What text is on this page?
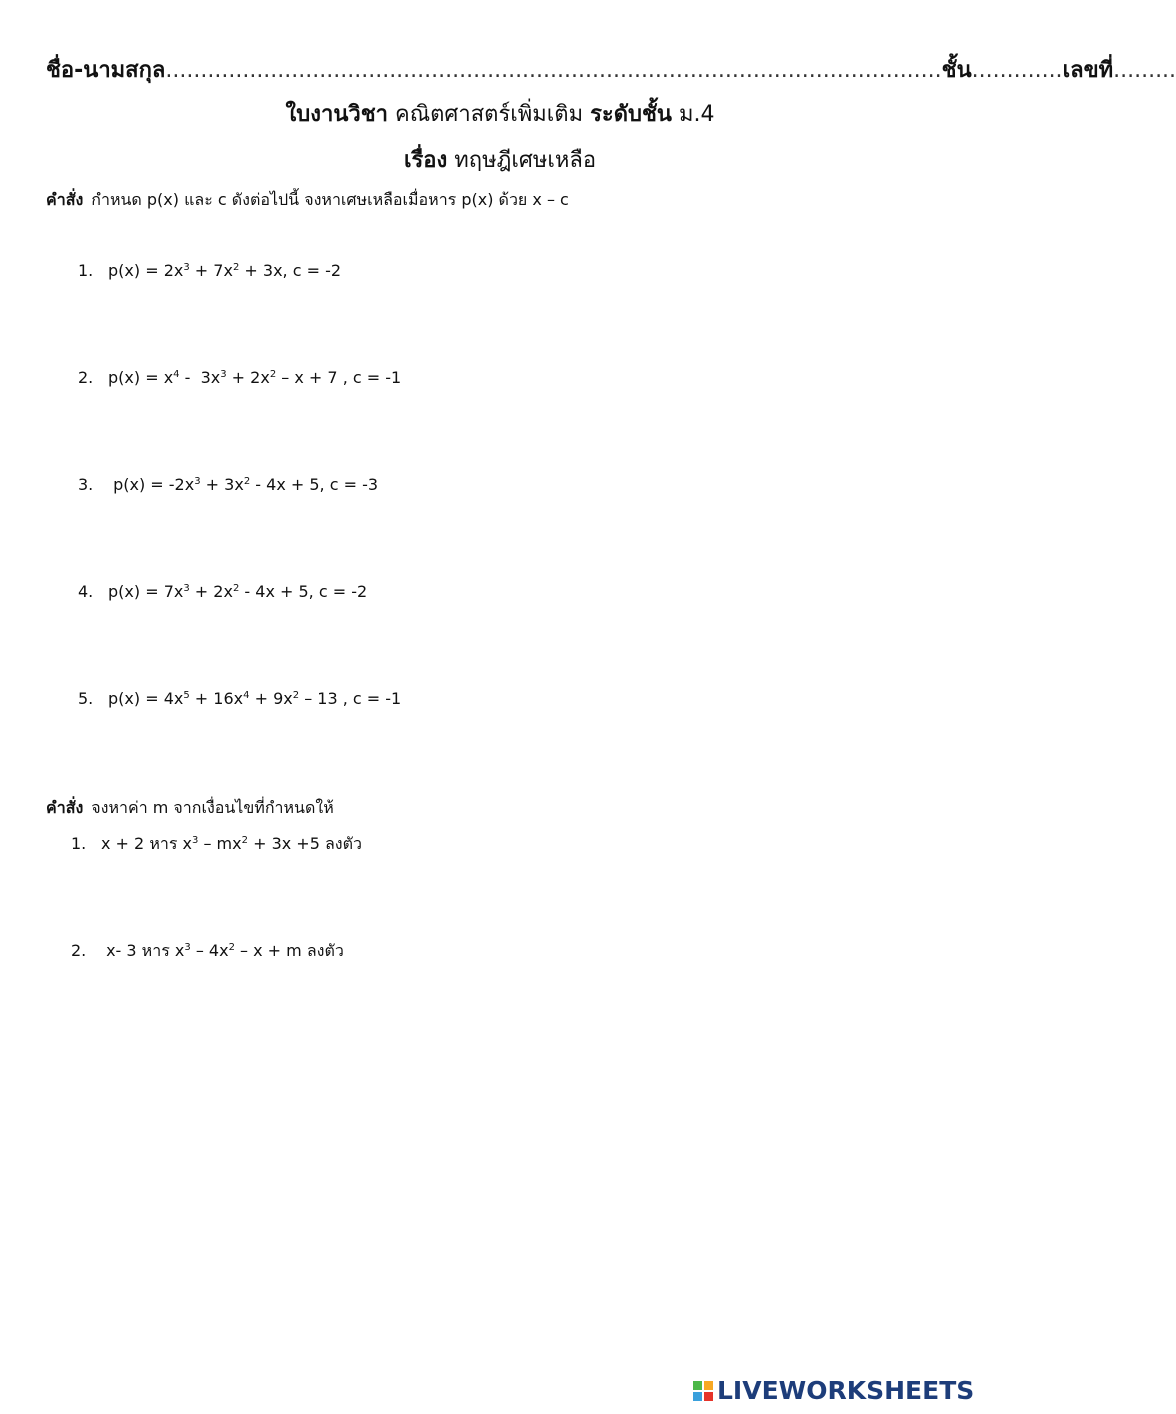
ชื่อ-นามสกุล...............................................................................................................ชั้น.............เลขที่.........
ใบงานวิชา คณิตศาสตร์เพิ่มเติม ระดับชั้น ม.4
เรื่อง ทฤษฎีเศษเหลือ
คำสั่ง กำหนด p(x) และ c ดังต่อไปนี้ จงหาเศษเหลือเมื่อหาร p(x) ด้วย x – c
1. $p(x) = 2x^3 + 7x^2 + 3x$, c = -2
2. $p(x) = x^4 - 3x^3 + 2x^2 - x + 7$ , c = -1
3. $p(x) = -2x^3 + 3x^2 - 4x + 5$, c = -3
4. $p(x) = 7x^3 + 2x^2 - 4x + 5$, c = -2
5. $p(x) = 4x^5 + 16x^4 + 9x^2 - 13$ , c = -1
คำสั่ง จงหาค่า m จากเงื่อนไขที่กำหนดให้
1. x + 2 หาร $x^3 - mx^2 + 3x +5$ ลงตัว
2. x- 3 หาร $x^3 - 4x^2 - x + m$ ลงตัว
LIVEWORKSHEETS
